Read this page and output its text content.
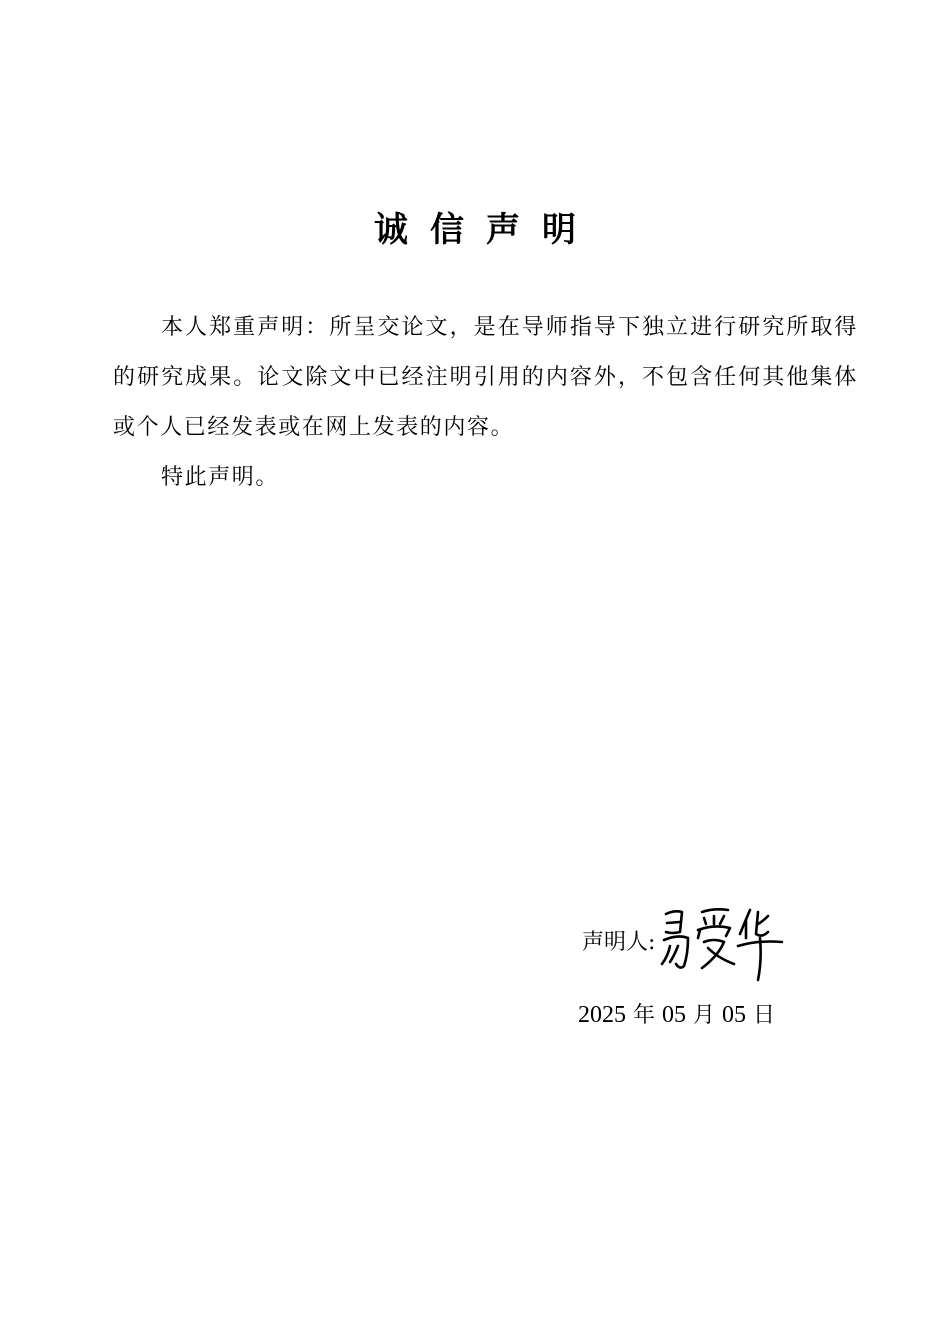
诚信声明

本人郑重声明：所呈交论文，是在导师指导下独立进行研究所取得的研究成果。论文除文中已经注明引用的内容外，不包含任何其他集体或个人已经发表或在网上发表的内容。

特此声明。

声明人:
2025 年 05 月 05 日
